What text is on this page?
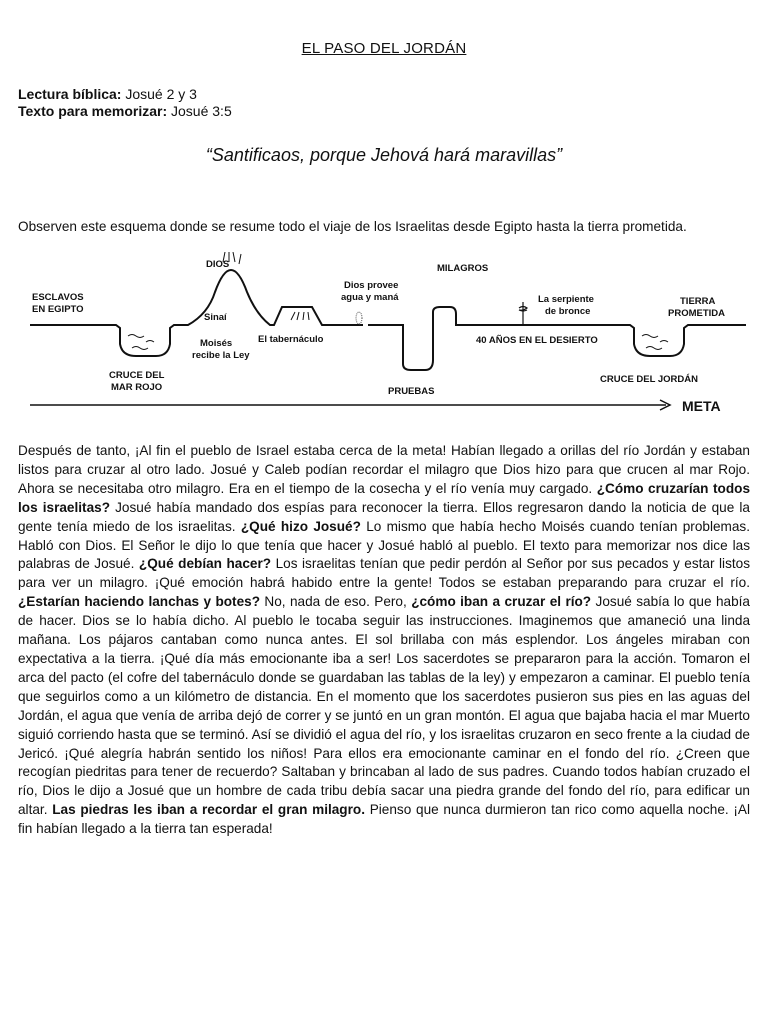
EL PASO DEL JORDÁN
Lectura bíblica: Josué 2 y 3
Texto para memorizar: Josué 3:5
“Santificaos, porque Jehová hará maravillas”
Observen este esquema donde se resume todo el viaje de los Israelitas desde Egipto hasta la tierra prometida.
DIOS
ESCLAVOS
EN EGIPTO
Sinaí
Moisés
recibe la Ley
El tabernáculo
Dios provee
agua y maná
MILAGROS
La serpiente
de bronce
TIERRA
PROMETIDA
40 AÑOS EN EL DESIERTO
CRUCE DEL
MAR ROJO	PRUEBAS
CRUCE DEL JORDÁN
META
Después de tanto, ¡Al fin el pueblo de Israel estaba cerca de la meta! Habían llegado a orillas del río Jordán y estaban listos para cruzar al otro lado. Josué y Caleb podían recordar el milagro que Dios hizo para que crucen al mar Rojo. Ahora se necesitaba otro milagro. Era en el tiempo de la cosecha y el río venía muy cargado. ¿Cómo cruzarían todos los israelitas? Josué había mandado dos espías para reconocer la tierra. Ellos regresaron dando la noticia de que la gente tenía miedo de los israelitas. ¿Qué hizo Josué? Lo mismo que había hecho Moisés cuando tenían problemas. Habló con Dios. El Señor le dijo lo que tenía que hacer y Josué habló al pueblo. El texto para memorizar nos dice las palabras de Josué. ¿Qué debían hacer? Los israelitas tenían que pedir perdón al Señor por sus pecados y estar listos para ver un milagro. ¡Qué emoción habrá habido entre la gente! Todos se estaban preparando para cruzar el río. ¿Estarían haciendo lanchas y botes? No, nada de eso. Pero, ¿cómo iban a cruzar el río? Josué sabía lo que había de hacer. Dios se lo había dicho. Al pueblo le tocaba seguir las instrucciones. Imaginemos que amaneció una linda mañana. Los pájaros cantaban como nunca antes. El sol brillaba con más esplendor. Los ángeles miraban con expectativa a la tierra. ¡Qué día más emocionante iba a ser! Los sacerdotes se prepararon para la acción. Tomaron el arca del pacto (el cofre del tabernáculo donde se guardaban las tablas de la ley) y empezaron a caminar. El pueblo tenía que seguirlos como a un kilómetro de distancia. En el momento que los sacerdotes pusieron sus pies en las aguas del Jordán, el agua que venía de arriba dejó de correr y se juntó en un gran montón. El agua que bajaba hacia el mar Muerto siguió corriendo hasta que se terminó. Así se dividió el agua del río, y los israelitas cruzaron en seco frente a la ciudad de Jericó. ¡Qué alegría habrán sentido los niños! Para ellos era emocionante caminar en el fondo del río. ¿Creen que recogían piedritas para tener de recuerdo? Saltaban y brincaban al lado de sus padres. Cuando todos habían cruzado el río, Dios le dijo a Josué que un hombre de cada tribu debía sacar una piedra grande del fondo del río, para edificar un altar. Las piedras les iban a recordar el gran milagro. Pienso que nunca durmieron tan rico como aquella noche. ¡Al fin habían llegado a la tierra tan esperada!
